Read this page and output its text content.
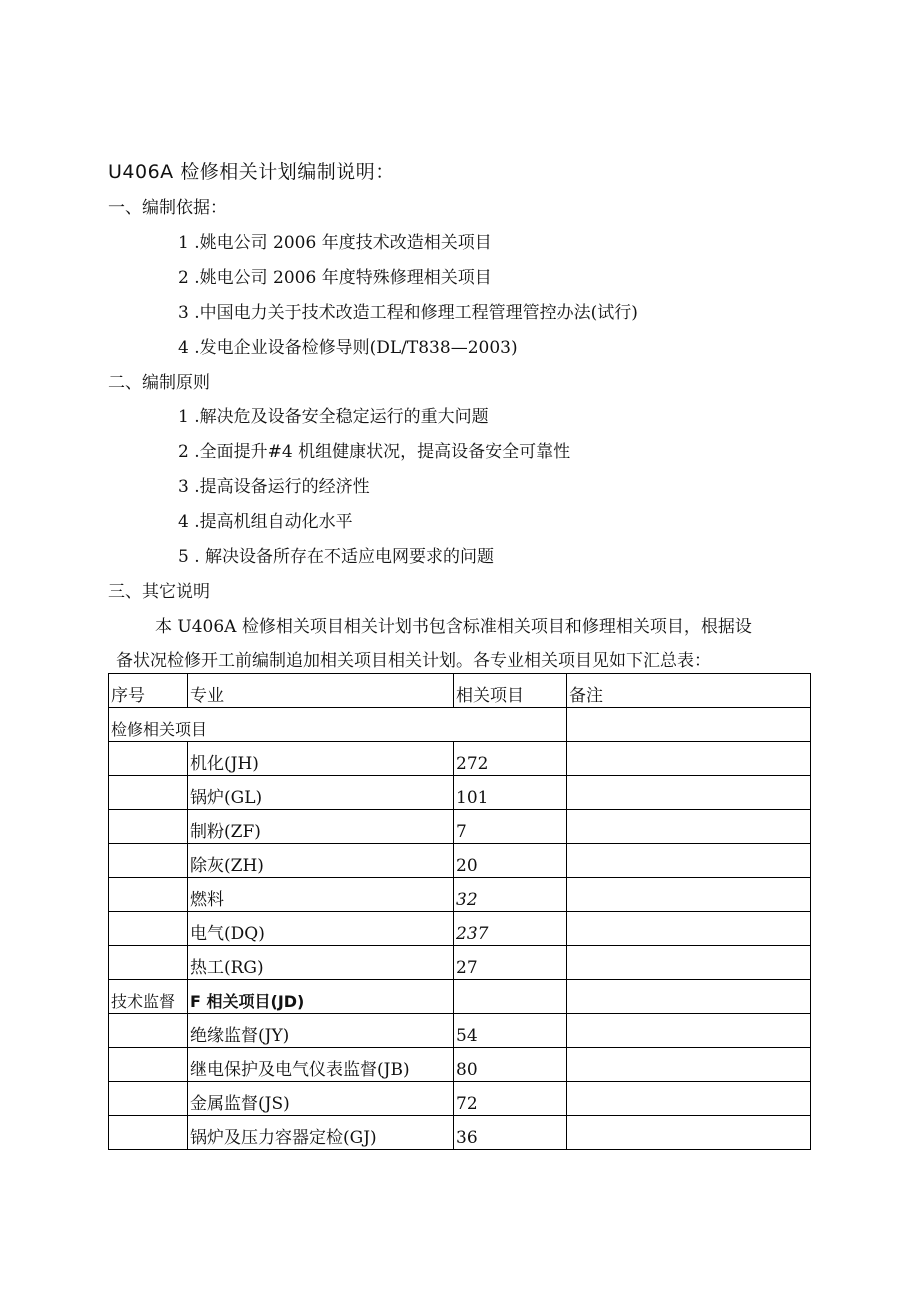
U406A 检修相关计划编制说明：
一、编制依据：
1 .姚电公司 2006 年度技术改造相关项目
2 .姚电公司 2006 年度特殊修理相关项目
3 .中国电力关于技术改造工程和修理工程管理管控办法(试行)
4 .发电企业设备检修导则(DL/T838—2003)
二、编制原则
1 .解决危及设备安全稳定运行的重大问题
2 .全面提升#4 机组健康状况，提高设备安全可靠性
3 .提高设备运行的经济性
4 .提高机组自动化水平
5 . 解决设备所存在不适应电网要求的问题
三、其它说明
本 U406A 检修相关项目相关计划书包含标准相关项目和修理相关项目，根据设
备状况检修开工前编制追加相关项目相关计划。各专业相关项目见如下汇总表：
序号	专业	相关项目	备注
检修相关项目			
	机化(JH)	272	
	锅炉(GL)	101	
	制粉(ZF)	7	
	除灰(ZH)	20	
	燃料	32	
	电气(DQ)	237	
	热工(RG)	27	
技术监督	F 相关项目(JD)		
	绝缘监督(JY)	54	
	继电保护及电气仪表监督(JB)	80	
	金属监督(JS)	72	
	锅炉及压力容器定检(GJ)	36	
